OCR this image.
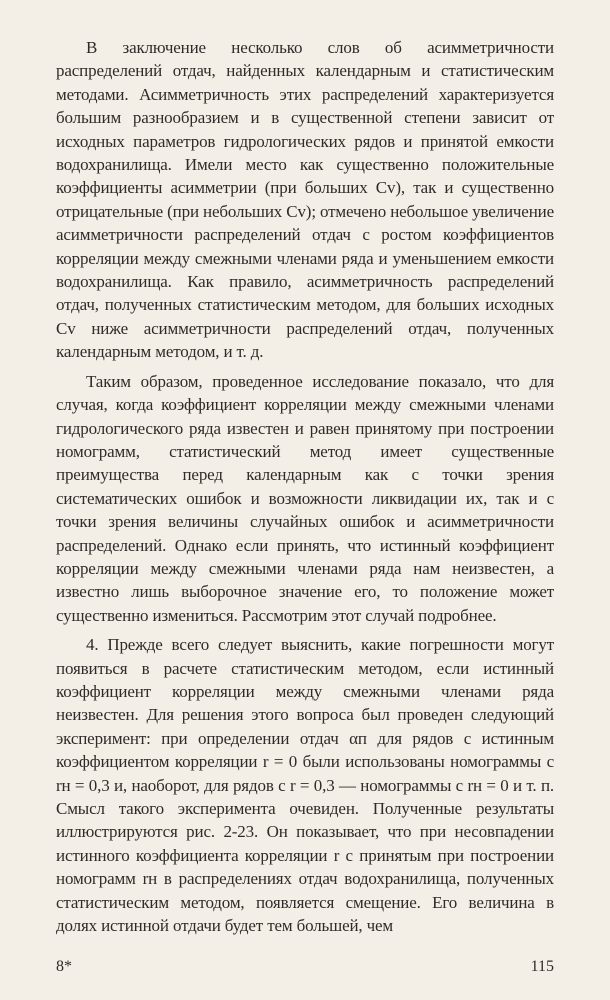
В заключение несколько слов об асимметричности распределений отдач, найденных календарным и статистическим методами. Асимметричность этих распределений характеризуется большим разнообразием и в существенной степени зависит от исходных параметров гидрологических рядов и принятой емкости водохранилища. Имели место как существенно положительные коэффициенты асимметрии (при больших Cv), так и существенно отрицательные (при небольших Cv); отмечено небольшое увеличение асимметричности распределений отдач с ростом коэффициентов корреляции между смежными членами ряда и уменьшением емкости водохранилища. Как правило, асимметричность распределений отдач, полученных статистическим методом, для больших исходных Cv ниже асимметричности распределений отдач, полученных календарным методом, и т. д.

Таким образом, проведенное исследование показало, что для случая, когда коэффициент корреляции между смежными членами гидрологического ряда известен и равен принятому при построении номограмм, статистический метод имеет существенные преимущества перед календарным как с точки зрения систематических ошибок и возможности ликвидации их, так и с точки зрения величины случайных ошибок и асимметричности распределений. Однако если принять, что истинный коэффициент корреляции между смежными членами ряда нам неизвестен, а известно лишь выборочное значение его, то положение может существенно измениться. Рассмотрим этот случай подробнее.

4. Прежде всего следует выяснить, какие погрешности могут появиться в расчете статистическим методом, если истинный коэффициент корреляции между смежными членами ряда неизвестен. Для решения этого вопроса был проведен следующий эксперимент: при определении отдач αп для рядов с истинным коэффициентом корреляции r = 0 были использованы номограммы с rн = 0,3 и, наоборот, для рядов с r = 0,3 — номограммы с rн = 0 и т. п. Смысл такого эксперимента очевиден. Полученные результаты иллюстрируются рис. 2-23. Он показывает, что при несовпадении истинного коэффициента корреляции r с принятым при построении номограмм rн в распределениях отдач водохранилища, полученных статистическим методом, появляется смещение. Его величина в долях истинной отдачи будет тем большей, чем

8*	115
